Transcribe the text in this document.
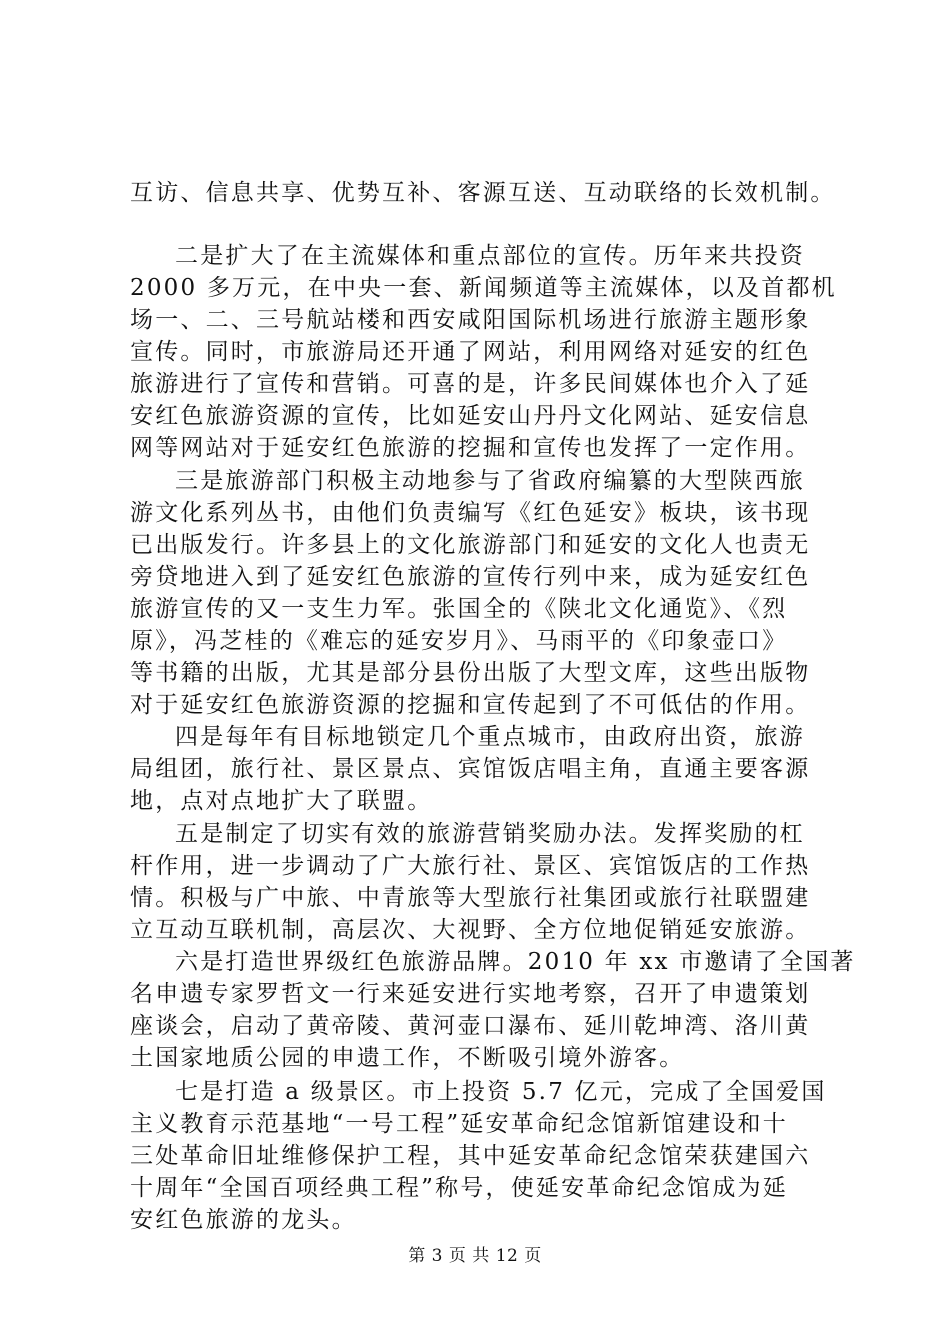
互访、信息共享、优势互补、客源互送、互动联络的长效机制。
二是扩大了在主流媒体和重点部位的宣传。历年来共投资
2000 多万元，在中央一套、新闻频道等主流媒体，以及首都机
场一、二、三号航站楼和西安咸阳国际机场进行旅游主题形象
宣传。同时，市旅游局还开通了网站，利用网络对延安的红色
旅游进行了宣传和营销。可喜的是，许多民间媒体也介入了延
安红色旅游资源的宣传，比如延安山丹丹文化网站、延安信息
网等网站对于延安红色旅游的挖掘和宣传也发挥了一定作用。
三是旅游部门积极主动地参与了省政府编纂的大型陕西旅
游文化系列丛书，由他们负责编写《红色延安》板块，该书现
已出版发行。许多县上的文化旅游部门和延安的文化人也责无
旁贷地进入到了延安红色旅游的宣传行列中来，成为延安红色
旅游宣传的又一支生力军。张国全的《陕北文化通览》、《烈
原》，冯芝桂的《难忘的延安岁月》、马雨平的《印象壶口》
等书籍的出版，尤其是部分县份出版了大型文库，这些出版物
对于延安红色旅游资源的挖掘和宣传起到了不可低估的作用。
四是每年有目标地锁定几个重点城市，由政府出资，旅游
局组团，旅行社、景区景点、宾馆饭店唱主角，直通主要客源
地，点对点地扩大了联盟。
五是制定了切实有效的旅游营销奖励办法。发挥奖励的杠
杆作用，进一步调动了广大旅行社、景区、宾馆饭店的工作热
情。积极与广中旅、中青旅等大型旅行社集团或旅行社联盟建
立互动互联机制，高层次、大视野、全方位地促销延安旅游。
六是打造世界级红色旅游品牌。2010 年 xx 市邀请了全国著
名申遗专家罗哲文一行来延安进行实地考察，召开了申遗策划
座谈会，启动了黄帝陵、黄河壶口瀑布、延川乾坤湾、洛川黄
土国家地质公园的申遗工作，不断吸引境外游客。
七是打造 a 级景区。市上投资 5.7 亿元，完成了全国爱国
主义教育示范基地“一号工程”延安革命纪念馆新馆建设和十
三处革命旧址维修保护工程，其中延安革命纪念馆荣获建国六
十周年“全国百项经典工程”称号，使延安革命纪念馆成为延
安红色旅游的龙头。
第 3 页 共 12 页
